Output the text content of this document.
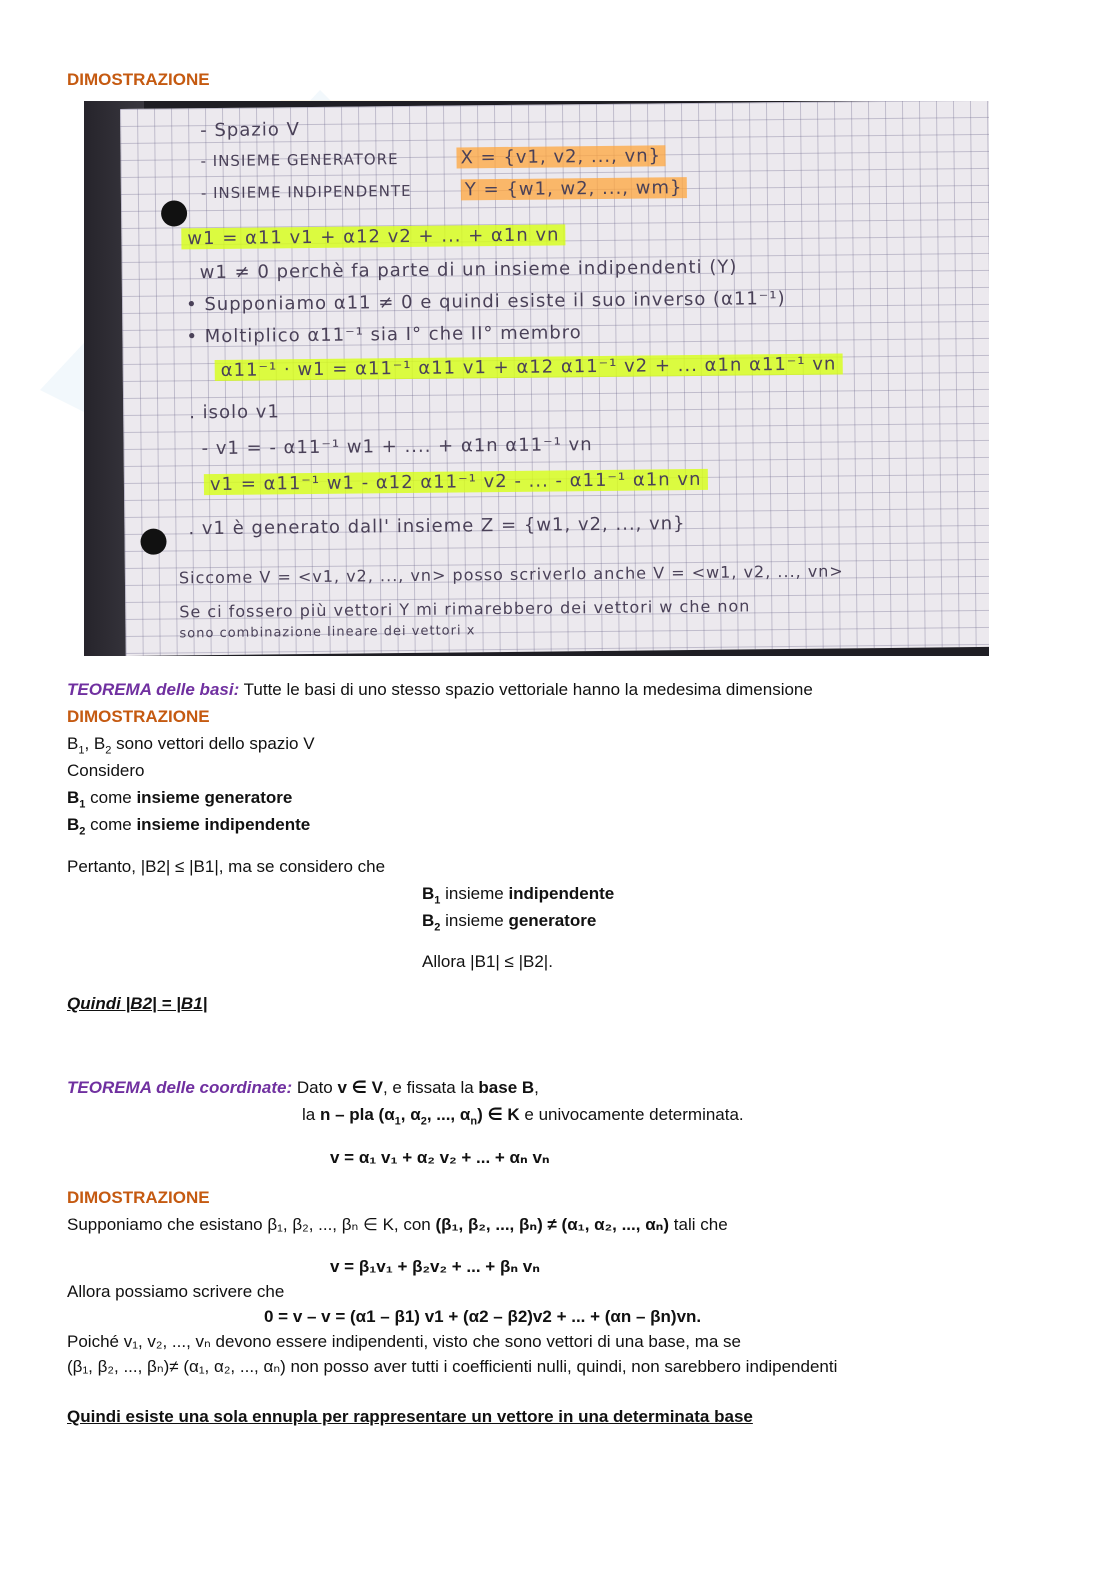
DIMOSTRAZIONE
- Spazio V
- INSIEME GENERATORE	X = {v1, v2, ..., vn}
- INSIEME INDIPENDENTE	Y = {w1, w2, ..., wm}
w1 = α11 v1 + α12 v2 + ... + α1n vn
w1 ≠ 0 perchè fa parte di un insieme indipendenti (Y)
• Supponiamo α11 ≠ 0 e quindi esiste il suo inverso (α11⁻¹)
• Moltiplico α11⁻¹ sia I° che II° membro
α11⁻¹ · w1 = α11⁻¹ α11 v1 + α12 α11⁻¹ v2 + ... α1n α11⁻¹ vn
. isolo v1
- v1 = - α11⁻¹ w1 + .... + α1n α11⁻¹ vn
v1 = α11⁻¹ w1 - α12 α11⁻¹ v2 - ... - α11⁻¹ α1n vn
. v1 è generato dall' insieme Z = {w1, v2, ..., vn}
Siccome V = <v1, v2, ..., vn> posso scriverlo anche V = <w1, v2, ..., vn>
Se ci fossero più vettori Y mi rimarebbero dei vettori w che non
sono combinazione lineare dei vettori x
TEOREMA delle basi: Tutte le basi di uno stesso spazio vettoriale hanno la medesima dimensione
DIMOSTRAZIONE
$B_1$, $B_2$ sono vettori dello spazio V
Considero
$B_1$ come insieme generatore
$B_2$ come insieme indipendente
Pertanto, |B2| ≤ |B1|, ma se considero che
$B_1$ insieme indipendente
$B_2$ insieme generatore
Allora |B1| ≤ |B2|.
Quindi |B2| = |B1|
TEOREMA delle coordinate: Dato v ∈ V, e fissata la base B,
la n – pla ($\alpha_1$, $\alpha_2$, ..., $\alpha_n$) ∈ K e univocamente determinata.
v = α₁ v₁ + α₂ v₂ + ... + αₙ vₙ
DIMOSTRAZIONE
Supponiamo che esistano β₁, β₂, ..., βₙ ∈ K, con (β₁, β₂, ..., βₙ) ≠ (α₁, α₂, ..., αₙ) tali che
v = β₁v₁ + β₂v₂ + ... + βₙ vₙ
Allora possiamo scrivere che
0 = v – v = (α1 – β1) v1 + (α2 – β2)v2 + ... + (αn – βn)vn.
Poiché v₁, v₂, ..., vₙ devono essere indipendenti, visto che sono vettori di una base, ma se
(β₁, β₂, ..., βₙ)≠ (α₁, α₂, ..., αₙ) non posso aver tutti i coefficienti nulli, quindi, non sarebbero indipendenti
Quindi esiste una sola ennupla per rappresentare un vettore in una determinata base
